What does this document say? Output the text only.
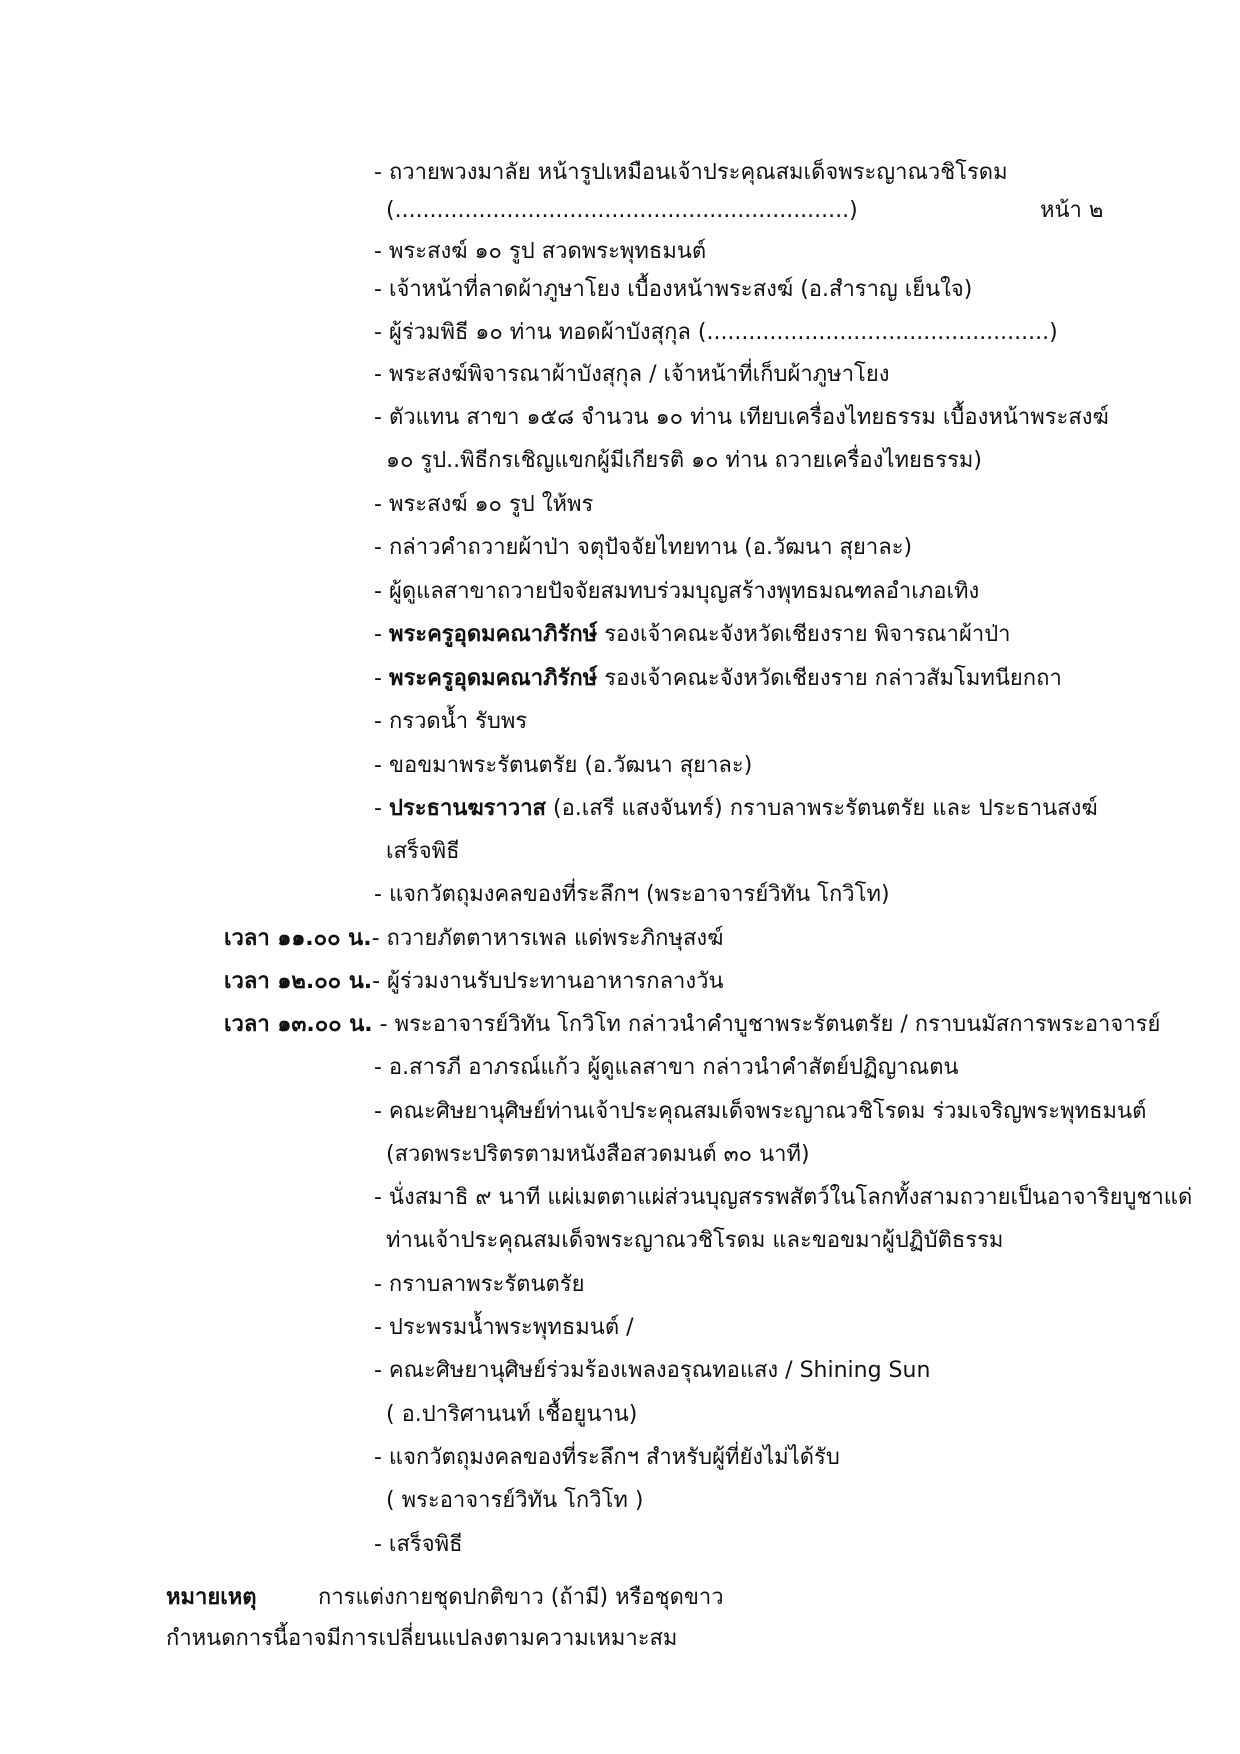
หน้า ๒
- ถวายพวงมาลัย หน้ารูปเหมือนเจ้าประคุณสมเด็จพระญาณวชิโรดม
(.................................................................)
- พระสงฆ์ ๑๐ รูป สวดพระพุทธมนต์
- เจ้าหน้าที่ลาดผ้าภูษาโยง เบื้องหน้าพระสงฆ์ (อ.สำราญ เย็นใจ)
- ผู้ร่วมพิธี ๑๐ ท่าน ทอดผ้าบังสุกุล (.................................................)
- พระสงฆ์พิจารณาผ้าบังสุกุล / เจ้าหน้าที่เก็บผ้าภูษาโยง
- ตัวแทน สาขา ๑๕๘ จำนวน ๑๐ ท่าน เทียบเครื่องไทยธรรม เบื้องหน้าพระสงฆ์
๑๐ รูป..พิธีกรเชิญแขกผู้มีเกียรติ ๑๐ ท่าน ถวายเครื่องไทยธรรม)
- พระสงฆ์ ๑๐ รูป ให้พร
- กล่าวคำถวายผ้าป่า จตุปัจจัยไทยทาน (อ.วัฒนา สุยาละ)
- ผู้ดูแลสาขาถวายปัจจัยสมทบร่วมบุญสร้างพุทธมณฑลอำเภอเทิง
- พระครูอุดมคณาภิรักษ์ รองเจ้าคณะจังหวัดเชียงราย พิจารณาผ้าป่า
- พระครูอุดมคณาภิรักษ์ รองเจ้าคณะจังหวัดเชียงราย กล่าวสัมโมทนียกถา
- กรวดน้ำ รับพร
- ขอขมาพระรัตนตรัย (อ.วัฒนา สุยาละ)
- ประธานฆราวาส (อ.เสรี แสงจันทร์) กราบลาพระรัตนตรัย และ ประธานสงฆ์
เสร็จพิธี
- แจกวัตถุมงคลของที่ระลึกฯ (พระอาจารย์วิทัน โกวิโท)
เวลา ๑๑.๐๐ น.- ถวายภัตตาหารเพล แด่พระภิกษุสงฆ์
เวลา ๑๒.๐๐ น.- ผู้ร่วมงานรับประทานอาหารกลางวัน
เวลา ๑๓.๐๐ น. - พระอาจารย์วิทัน โกวิโท กล่าวนำคำบูชาพระรัตนตรัย / กราบนมัสการพระอาจารย์
- อ.สารภี อาภรณ์แก้ว ผู้ดูแลสาขา กล่าวนำคำสัตย์ปฏิญาณตน
- คณะศิษยานุศิษย์ท่านเจ้าประคุณสมเด็จพระญาณวชิโรดม ร่วมเจริญพระพุทธมนต์
(สวดพระปริตรตามหนังสือสวดมนต์ ๓๐ นาที)
- นั่งสมาธิ ๙ นาที แผ่เมตตาแผ่ส่วนบุญสรรพสัตว์ในโลกทั้งสามถวายเป็นอาจาริยบูชาแด่
ท่านเจ้าประคุณสมเด็จพระญาณวชิโรดม และขอขมาผู้ปฏิบัติธรรม
- กราบลาพระรัตนตรัย
- ประพรมน้ำพระพุทธมนต์ /
- คณะศิษยานุศิษย์ร่วมร้องเพลงอรุณทอแสง / Shining Sun
( อ.ปาริศานนท์ เชื้อยูนาน)
- แจกวัตถุมงคลของที่ระลึกฯ สำหรับผู้ที่ยังไม่ได้รับ
( พระอาจารย์วิทัน โกวิโท )
- เสร็จพิธี
หมายเหตุ	การแต่งกายชุดปกติขาว (ถ้ามี) หรือชุดขาว
กำหนดการนี้อาจมีการเปลี่ยนแปลงตามความเหมาะสม
